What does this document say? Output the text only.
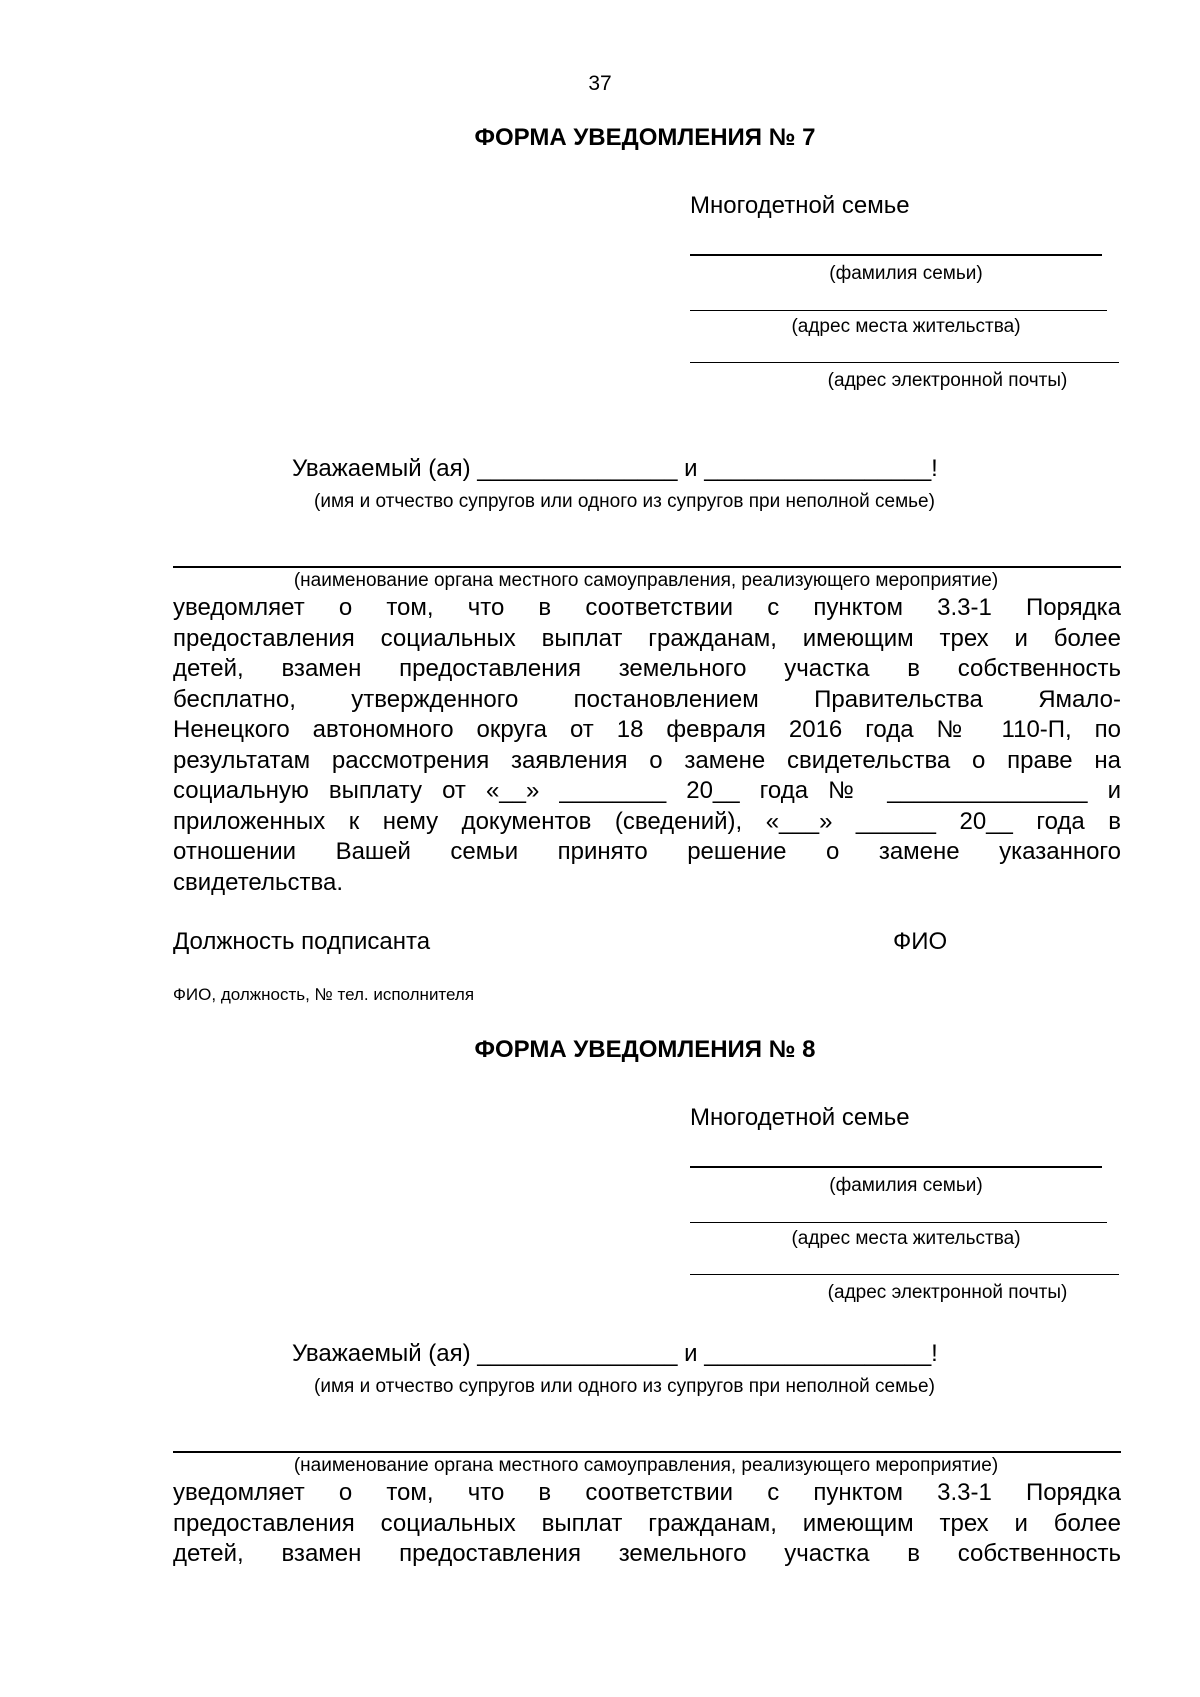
37
ФОРМА УВЕДОМЛЕНИЯ № 7
Многодетной семье
(фамилия семьи)
(адрес места жительства)
(адрес электронной почты)
Уважаемый (ая) _______________ и _________________!
(имя и отчество супругов или одного из супругов при неполной семье)
(наименование органа местного самоуправления, реализующего мероприятие)
уведомляет о том, что в соответствии с пунктом 3.3-1 Порядка
предоставления социальных выплат гражданам, имеющим трех и более
детей, взамен предоставления земельного участка в собственность
бесплатно, утвержденного постановлением Правительства Ямало-
Ненецкого автономного округа от 18 февраля 2016 года № 110-П, по
результатам рассмотрения заявления о замене свидетельства о праве на
социальную выплату от «__» ________ 20__ года № _______________ и
приложенных к нему документов (сведений), «___» ______ 20__ года в
отношении Вашей семьи принято решение о замене указанного
свидетельства.
Должность подписанта	ФИО
ФИО, должность, № тел. исполнителя
ФОРМА УВЕДОМЛЕНИЯ № 8
Многодетной семье
(фамилия семьи)
(адрес места жительства)
(адрес электронной почты)
Уважаемый (ая) _______________ и _________________!
(имя и отчество супругов или одного из супругов при неполной семье)
(наименование органа местного самоуправления, реализующего мероприятие)
уведомляет о том, что в соответствии с пунктом 3.3-1 Порядка
предоставления социальных выплат гражданам, имеющим трех и более
детей, взамен предоставления земельного участка в собственность
